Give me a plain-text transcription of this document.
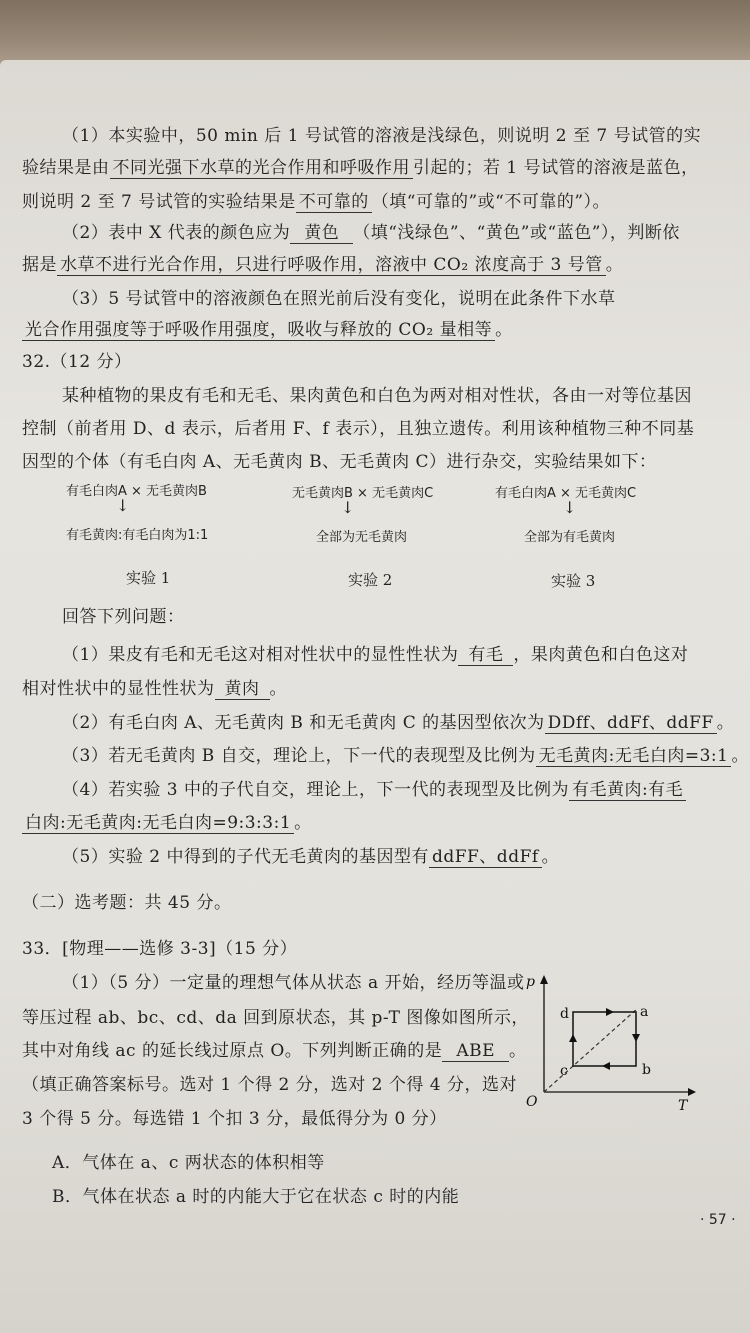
（1）本实验中，50 min 后 1 号试管的溶液是浅绿色，则说明 2 至 7 号试管的实
验结果是由 不同光强下水草的光合作用和呼吸作用 引起的；若 1 号试管的溶液是蓝色，
则说明 2 至 7 号试管的实验结果是 不可靠的 （填“可靠的”或“不可靠的”）。
（2）表中 X 代表的颜色应为 黄色 （填“浅绿色”、“黄色”或“蓝色”），判断依
据是 水草不进行光合作用，只进行呼吸作用，溶液中 CO₂ 浓度高于 3 号管 。
（3）5 号试管中的溶液颜色在照光前后没有变化，说明在此条件下水草
光合作用强度等于呼吸作用强度，吸收与释放的 CO₂ 量相等 。
32.（12 分）
某种植物的果皮有毛和无毛、果肉黄色和白色为两对相对性状，各由一对等位基因
控制（前者用 D、d 表示，后者用 F、f 表示），且独立遗传。利用该种植物三种不同基
因型的个体（有毛白肉 A、无毛黄肉 B、无毛黄肉 C）进行杂交，实验结果如下：
有毛白肉A × 无毛黄肉B
↓
有毛黄肉:有毛白肉为1:1
实验 1
无毛黄肉B × 无毛黄肉C
↓
全部为无毛黄肉
实验 2
有毛白肉A × 无毛黄肉C
↓
全部为有毛黄肉
实验 3
回答下列问题：
（1）果皮有毛和无毛这对相对性状中的显性性状为 有毛 ，果肉黄色和白色这对
相对性状中的显性性状为 黄肉 。
（2）有毛白肉 A、无毛黄肉 B 和无毛黄肉 C 的基因型依次为 DDff、ddFf、ddFF 。
（3）若无毛黄肉 B 自交，理论上，下一代的表现型及比例为 无毛黄肉:无毛白肉=3:1 。
（4）若实验 3 中的子代自交，理论上，下一代的表现型及比例为 有毛黄肉:有毛
白肉:无毛黄肉:无毛白肉=9:3:3:1 。
（5）实验 2 中得到的子代无毛黄肉的基因型有 ddFF、ddFf 。
（二）选考题：共 45 分。
33．[物理——选修 3-3]（15 分）
（1）（5 分）一定量的理想气体从状态 a 开始，经历等温或
等压过程 ab、bc、cd、da 回到原状态，其 p-T 图像如图所示，
其中对角线 ac 的延长线过原点 O。下列判断正确的是 ABE 。
（填正确答案标号。选对 1 个得 2 分，选对 2 个得 4 分，选对
3 个得 5 分。每选错 1 个扣 3 分，最低得分为 0 分）
A．气体在 a、c 两状态的体积相等
B．气体在状态 a 时的内能大于它在状态 c 时的内能
p
T
O
a
b
c
d
· 57 ·
